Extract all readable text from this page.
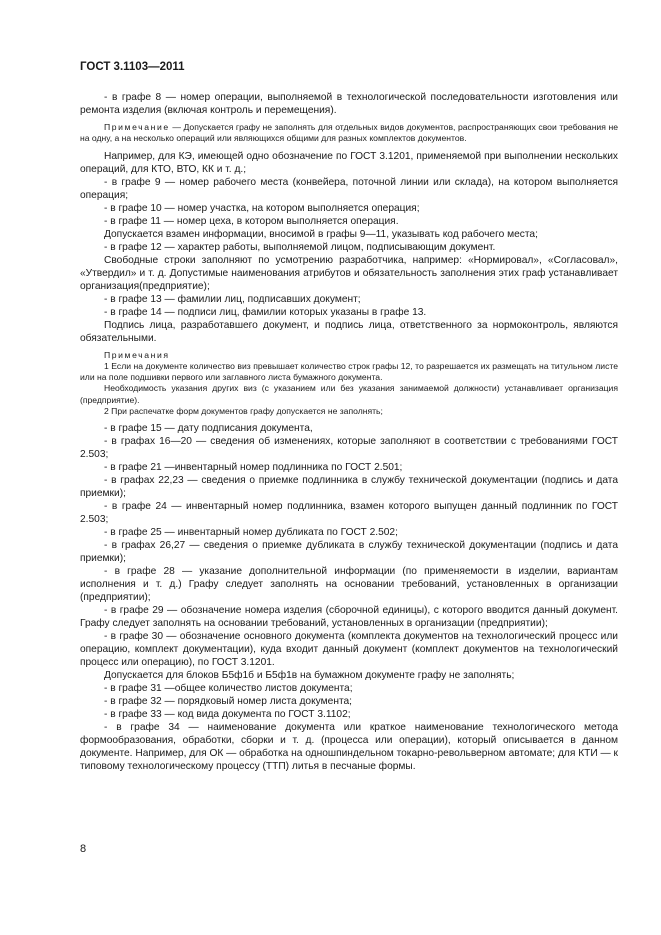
ГОСТ 3.1103—2011

- в графе 8 — номер операции, выполняемой в технологической последовательности изготовления или ремонта изделия (включая контроль и перемещения).

Примечание — Допускается графу не заполнять для отдельных видов документов, распространяющих свои требования не на одну, а на несколько операций или являющихся общими для разных комплектов документов.

Например, для КЭ, имеющей одно обозначение по ГОСТ 3.1201, применяемой при выполнении нескольких операций, для КТО, ВТО, КК и т. д.;

- в графе 9 — номер рабочего места (конвейера, поточной линии или склада), на котором выполняется операция;

- в графе 10 — номер участка, на котором выполняется операция;

- в графе 11 — номер цеха, в котором выполняется операция.

Допускается взамен информации, вносимой в графы 9—11, указывать код рабочего места;

- в графе 12 — характер работы, выполняемой лицом, подписывающим документ.

Свободные строки заполняют по усмотрению разработчика, например: «Нормировал», «Согласовал», «Утвердил» и т. д. Допустимые наименования атрибутов и обязательность заполнения этих граф устанавливает организация(предприятие);

- в графе 13 — фамилии лиц, подписавших документ;

- в графе 14 — подписи лиц, фамилии которых указаны в графе 13.

Подпись лица, разработавшего документ, и подпись лица, ответственного за нормоконтроль, являются обязательными.

Примечания

1 Если на документе количество виз превышает количество строк графы 12, то разрешается их размещать на титульном листе или на поле подшивки первого или заглавного листа бумажного документа.

Необходимость указания других виз (с указанием или без указания занимаемой должности) устанавливает организация (предприятие).

2 При распечатке форм документов графу допускается не заполнять;

- в графе 15 — дату подписания документа,

- в графах 16—20 — сведения об изменениях, которые заполняют в соответствии с требованиями ГОСТ 2.503;

- в графе 21 —инвентарный номер подлинника по ГОСТ 2.501;

- в графах 22,23 — сведения о приемке подлинника в службу технической документации (подпись и дата приемки);

- в графе 24 — инвентарный номер подлинника, взамен которого выпущен данный подлинник по ГОСТ 2.503;

- в графе 25 — инвентарный номер дубликата по ГОСТ 2.502;

- в графах 26,27 — сведения о приемке дубликата в службу технической документации (подпись и дата приемки);

- в графе 28 — указание дополнительной информации (по применяемости в изделии, вариантам исполнения и т. д.) Графу следует заполнять на основании требований, установленных в организации (предприятии);

- в графе 29 — обозначение номера изделия (сборочной единицы), с которого вводится данный документ. Графу следует заполнять на основании требований, установленных в организации (предприятии);

- в графе 30 — обозначение основного документа (комплекта документов на технологический процесс или операцию, комплект документации), куда входит данный документ (комплект документов на технологический процесс или операцию), по ГОСТ 3.1201.

Допускается для блоков Б5ф1б и Б5ф1в на бумажном документе графу не заполнять;

- в графе 31 —общее количество листов документа;

- в графе 32 — порядковый номер листа документа;

- в графе 33 — код вида документа по ГОСТ 3.1102;

- в графе 34 — наименование документа или краткое наименование технологического метода формообразования, обработки, сборки и т. д. (процесса или операции), который описывается в данном документе. Например, для ОК — обработка на одношпиндельном токарно-револьверном автомате; для КТИ — к типовому технологическому процессу (ТТП) литья в песчаные формы.

8
